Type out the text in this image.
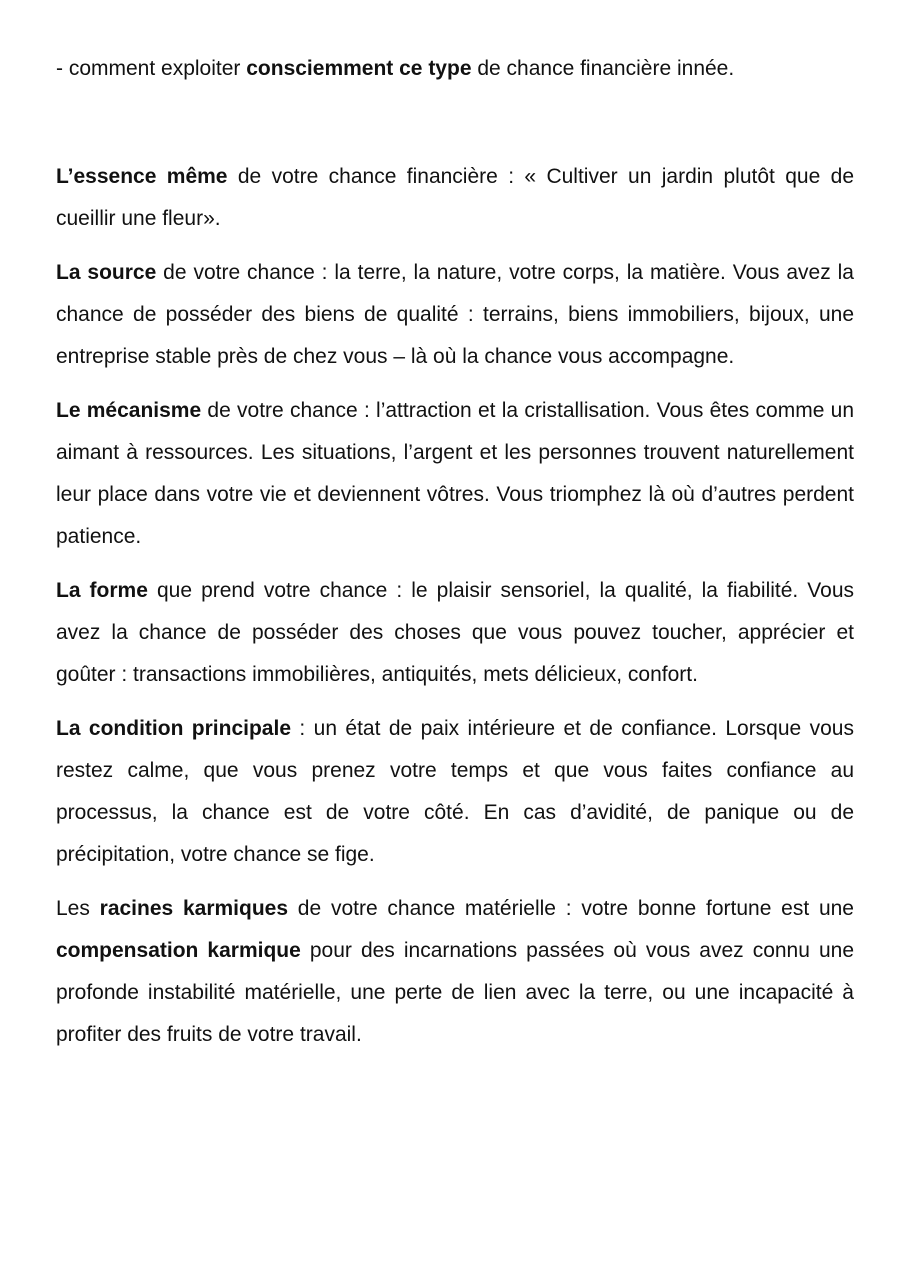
- comment exploiter consciemment ce type de chance financière innée.

L’essence même de votre chance financière : « Cultiver un jardin plutôt que de cueillir une fleur».

La source de votre chance : la terre, la nature, votre corps, la matière. Vous avez la chance de posséder des biens de qualité : terrains, biens immobiliers, bijoux, une entreprise stable près de chez vous – là où la chance vous accompagne.

Le mécanisme de votre chance : l’attraction et la cristallisation. Vous êtes comme un aimant à ressources. Les situations, l’argent et les personnes trouvent naturellement leur place dans votre vie et deviennent vôtres. Vous triomphez là où d’autres perdent patience.

La forme que prend votre chance : le plaisir sensoriel, la qualité, la fiabilité. Vous avez la chance de posséder des choses que vous pouvez toucher, apprécier et goûter : transactions immobilières, antiquités, mets délicieux, confort.

La condition principale : un état de paix intérieure et de confiance. Lorsque vous restez calme, que vous prenez votre temps et que vous faites confiance au processus, la chance est de votre côté. En cas d’avidité, de panique ou de précipitation, votre chance se fige.

Les racines karmiques de votre chance matérielle : votre bonne fortune est une compensation karmique pour des incarnations passées où vous avez connu une profonde instabilité matérielle, une perte de lien avec la terre, ou une incapacité à profiter des fruits de votre travail.
